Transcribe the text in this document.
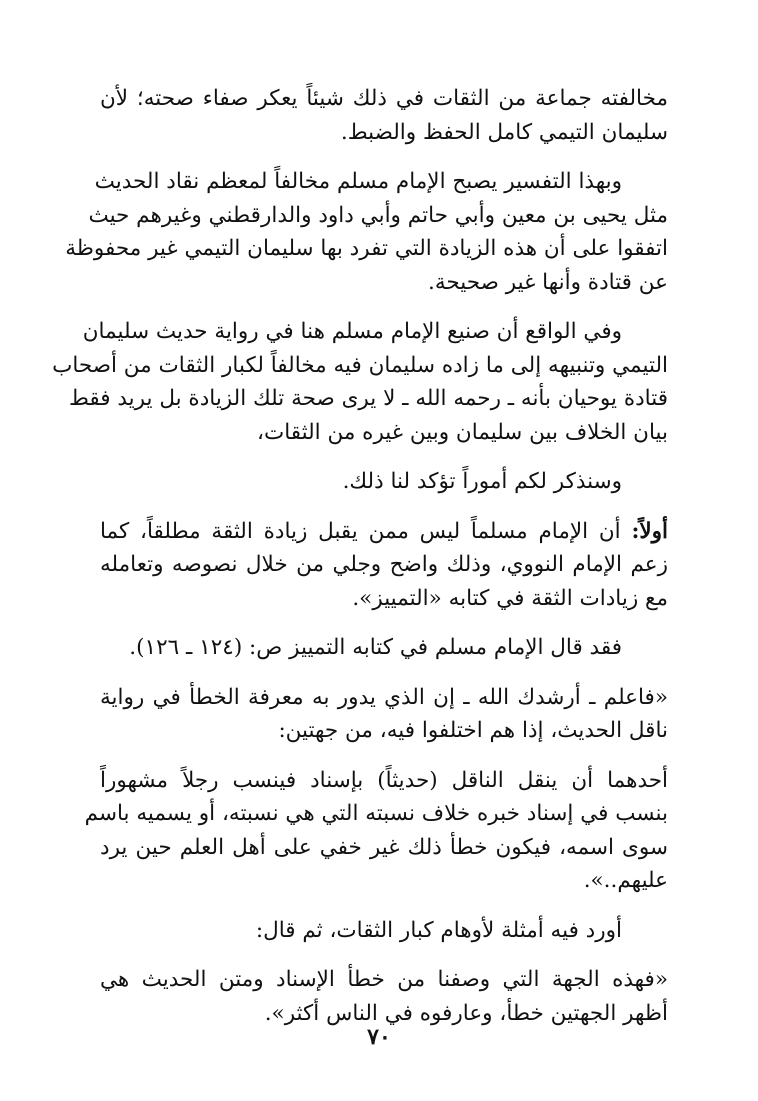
مخالفته جماعة من الثقات في ذلك شيئاً يعكر صفاء صحته؛ لأن
سليمان التيمي كامل الحفظ والضبط.
وبهذا التفسير يصبح الإمام مسلم مخالفاً لمعظم نقاد الحديث
مثل يحيى بن معين وأبي حاتم وأبي داود والدارقطني وغيرهم حيث
اتفقوا على أن هذه الزيادة التي تفرد بها سليمان التيمي غير محفوظة
عن قتادة وأنها غير صحيحة.
وفي الواقع أن صنيع الإمام مسلم هنا في رواية حديث سليمان
التيمي وتنبيهه إلى ما زاده سليمان فيه مخالفاً لكبار الثقات من أصحاب
قتادة يوحيان بأنه ـ رحمه الله ـ لا يرى صحة تلك الزيادة بل يريد فقط
بيان الخلاف بين سليمان وبين غيره من الثقات،
وسنذكر لكم أموراً تؤكد لنا ذلك.
أولاً: أن الإمام مسلماً ليس ممن يقبل زيادة الثقة مطلقاً، كما
زعم الإمام النووي، وذلك واضح وجلي من خلال نصوصه وتعامله
مع زيادات الثقة في كتابه «التمييز».
فقد قال الإمام مسلم في كتابه التمييز ص: (١٢٤ ـ ١٢٦).
«فاعلم ـ أرشدك الله ـ إن الذي يدور به معرفة الخطأ في رواية
ناقل الحديث، إذا هم اختلفوا فيه، من جهتين:
أحدهما أن ينقل الناقل (حديثاً) بإسناد فينسب رجلاً مشهوراً
بنسب في إسناد خبره خلاف نسبته التي هي نسبته، أو يسميه باسم
سوى اسمه، فيكون خطأ ذلك غير خفي على أهل العلم حين يرد
عليهم..».
أورد فيه أمثلة لأوهام كبار الثقات، ثم قال:
«فهذه الجهة التي وصفنا من خطأ الإسناد ومتن الحديث هي
أظهر الجهتين خطأ، وعارفوه في الناس أكثر».
٧٠
